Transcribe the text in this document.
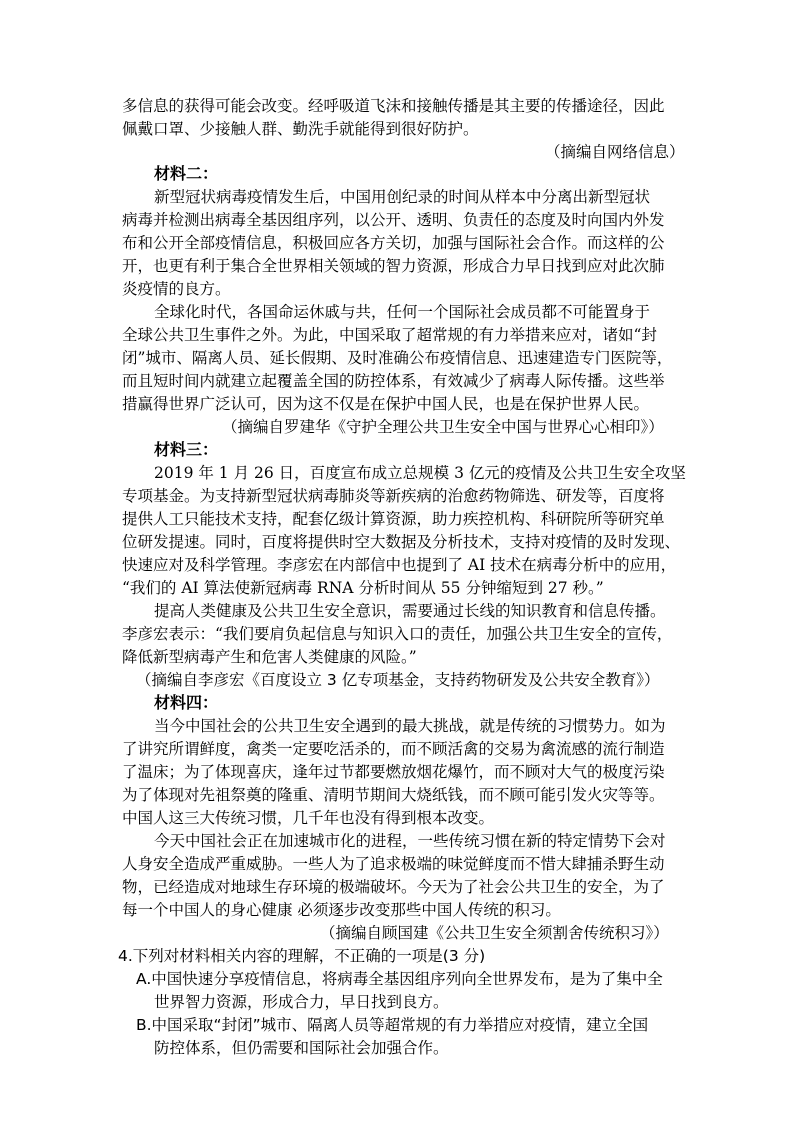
多信息的获得可能会改变。经呼吸道飞沫和接触传播是其主要的传播途径，因此
佩戴口罩、少接触人群、勤洗手就能得到很好防护。
（摘编自网络信息）
材料二：
新型冠状病毒疫情发生后，中国用创纪录的时间从样本中分离出新型冠状
病毒并检测出病毒全基因组序列，以公开、透明、负责任的态度及时向国内外发
布和公开全部疫情信息，积极回应各方关切，加强与国际社会合作。而这样的公
开，也更有利于集合全世界相关领域的智力资源，形成合力早日找到应对此次肺
炎疫情的良方。
全球化时代，各国命运休戚与共，任何一个国际社会成员都不可能置身于
全球公共卫生事件之外。为此，中国采取了超常规的有力举措来应对，诸如“封
闭”城市、隔离人员、延长假期、及时准确公布疫情信息、迅速建造专门医院等，
而且短时间内就建立起覆盖全国的防控体系，有效减少了病毒人际传播。这些举
措赢得世界广泛认可，因为这不仅是在保护中国人民，也是在保护世界人民。
（摘编自罗建华《守护全理公共卫生安全中国与世界心心相印》）
材料三：
2019 年 1 月 26 日，百度宣布成立总规模 3 亿元的疫情及公共卫生安全攻坚
专项基金。为支持新型冠状病毒肺炎等新疾病的治愈药物筛选、研发等，百度将
提供人工只能技术支持，配套亿级计算资源，助力疾控机构、科研院所等研究单
位研发提速。同时，百度将提供时空大数据及分析技术，支持对疫情的及时发现、
快速应对及科学管理。李彦宏在内部信中也提到了 AI 技术在病毒分析中的应用，
“我们的 AI 算法使新冠病毒 RNA 分析时间从 55 分钟缩短到 27 秒。”
提高人类健康及公共卫生安全意识，需要通过长线的知识教育和信息传播。
李彦宏表示：“我们要肩负起信息与知识入口的责任，加强公共卫生安全的宣传，
降低新型病毒产生和危害人类健康的风险。”
（摘编自李彦宏《百度设立 3 亿专项基金，支持药物研发及公共安全教育》）
材料四：
当今中国社会的公共卫生安全遇到的最大挑战，就是传统的习惯势力。如为
了讲究所谓鲜度，禽类一定要吃活杀的，而不顾活禽的交易为禽流感的流行制造
了温床；为了体现喜庆，逢年过节都要燃放烟花爆竹，而不顾对大气的极度污染
为了体现对先祖祭奠的隆重、清明节期间大烧纸钱，而不顾可能引发火灾等等。
中国人这三大传统习惯，几千年也没有得到根本改变。
今天中国社会正在加速城市化的进程，一些传统习惯在新的特定情势下会对
人身安全造成严重威胁。一些人为了追求极端的味觉鲜度而不惜大肆捕杀野生动
物，已经造成对地球生存环境的极端破坏。今天为了社会公共卫生的安全，为了
每一个中国人的身心健康 必须逐步改变那些中国人传统的积习。
（摘编自顾国建《公共卫生安全须割舍传统积习》）
4.下列对材料相关内容的理解，不正确的一项是(3 分)
A.中国快速分享疫情信息，将病毒全基因组序列向全世界发布，是为了集中全
世界智力资源，形成合力，早日找到良方。
B.中国采取“封闭”城市、隔离人员等超常规的有力举措应对疫情，建立全国
防控体系，但仍需要和国际社会加强合作。
